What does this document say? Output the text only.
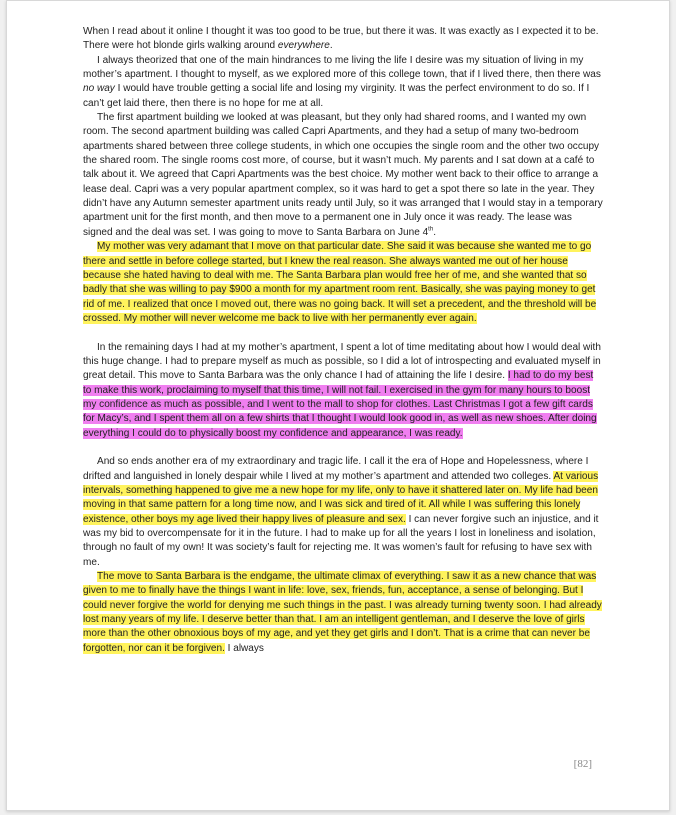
When I read about it online I thought it was too good to be true, but there it was. It was exactly as I expected it to be. There were hot blonde girls walking around everywhere.

I always theorized that one of the main hindrances to me living the life I desire was my situation of living in my mother’s apartment. I thought to myself, as we explored more of this college town, that if I lived there, then there was no way I would have trouble getting a social life and losing my virginity. It was the perfect environment to do so. If I can’t get laid there, then there is no hope for me at all.

The first apartment building we looked at was pleasant, but they only had shared rooms, and I wanted my own room. The second apartment building was called Capri Apartments, and they had a setup of many two-bedroom apartments shared between three college students, in which one occupies the single room and the other two occupy the shared room. The single rooms cost more, of course, but it wasn’t much. My parents and I sat down at a café to talk about it. We agreed that Capri Apartments was the best choice. My mother went back to their office to arrange a lease deal. Capri was a very popular apartment complex, so it was hard to get a spot there so late in the year. They didn’t have any Autumn semester apartment units ready until July, so it was arranged that I would stay in a temporary apartment unit for the first month, and then move to a permanent one in July once it was ready. The lease was signed and the deal was set. I was going to move to Santa Barbara on June 4th.

My mother was very adamant that I move on that particular date. She said it was because she wanted me to go there and settle in before college started, but I knew the real reason. She always wanted me out of her house because she hated having to deal with me. The Santa Barbara plan would free her of me, and she wanted that so badly that she was willing to pay $900 a month for my apartment room rent. Basically, she was paying money to get rid of me. I realized that once I moved out, there was no going back. It will set a precedent, and the threshold will be crossed. My mother will never welcome me back to live with her permanently ever again.

In the remaining days I had at my mother’s apartment, I spent a lot of time meditating about how I would deal with this huge change. I had to prepare myself as much as possible, so I did a lot of introspecting and evaluated myself in great detail. This move to Santa Barbara was the only chance I had of attaining the life I desire. I had to do my best to make this work, proclaiming to myself that this time, I will not fail. I exercised in the gym for many hours to boost my confidence as much as possible, and I went to the mall to shop for clothes. Last Christmas I got a few gift cards for Macy’s, and I spent them all on a few shirts that I thought I would look good in, as well as new shoes. After doing everything I could do to physically boost my confidence and appearance, I was ready.

And so ends another era of my extraordinary and tragic life. I call it the era of Hope and Hopelessness, where I drifted and languished in lonely despair while I lived at my mother’s apartment and attended two colleges. At various intervals, something happened to give me a new hope for my life, only to have it shattered later on. My life had been moving in that same pattern for a long time now, and I was sick and tired of it. All while I was suffering this lonely existence, other boys my age lived their happy lives of pleasure and sex. I can never forgive such an injustice, and it was my bid to overcompensate for it in the future. I had to make up for all the years I lost in loneliness and isolation, through no fault of my own! It was society’s fault for rejecting me. It was women’s fault for refusing to have sex with me.

The move to Santa Barbara is the endgame, the ultimate climax of everything. I saw it as a new chance that was given to me to finally have the things I want in life: love, sex, friends, fun, acceptance, a sense of belonging. But I could never forgive the world for denying me such things in the past. I was already turning twenty soon. I had already lost many years of my life. I deserve better than that. I am an intelligent gentleman, and I deserve the love of girls more than the other obnoxious boys of my age, and yet they get girls and I don’t. That is a crime that can never be forgotten, nor can it be forgiven. I always

[82]
